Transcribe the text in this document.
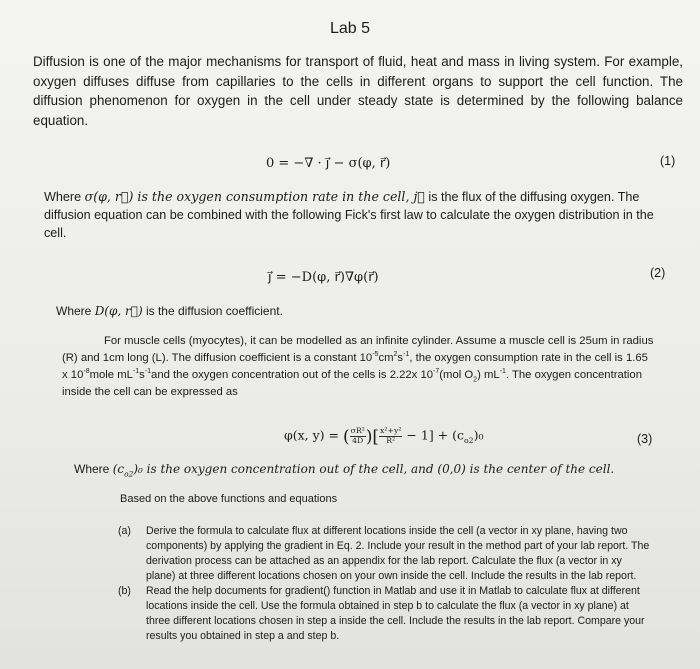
Lab 5

Diffusion is one of the major mechanisms for transport of fluid, heat and mass in living system. For example, oxygen diffuses diffuse from capillaries to the cells in different organs to support the cell function. The diffusion phenomenon for oxygen in the cell under steady state is determined by the following balance equation.

0 = −∇ · j⃗ − σ(φ, r⃗)	(1)

Where σ(φ, r⃗) is the oxygen consumption rate in the cell, j⃗ is the flux of the diffusing oxygen. The diffusion equation can be combined with the following Fick's first law to calculate the oxygen distribution in the cell.

j⃗ = −D(φ, r⃗)∇φ(r⃗)	(2)

Where D(φ, r⃗) is the diffusion coefficient.

For muscle cells (myocytes), it can be modelled as an infinite cylinder. Assume a muscle cell is 25um in radius (R) and 1cm long (L). The diffusion coefficient is a constant $10^{-5}cm^2s^{-1}$, the oxygen consumption rate in the cell is 1.65 x $10^{-8}mole$ $mL^{-1}s^{-1}and$ the oxygen concentration out of the cells is 2.22x $10^{-7}(mol$ $O_2$) $mL^{-1}$. The oxygen concentration inside the cell can be expressed as

φ(x, y) = ( $\frac{\text{σR²}}{4D}$ )[ $\frac{\text{x²+y²}}{\text{R²}} - 1] + (c_{o2})_0$	(3)

Where $(c_{o2})_0$ is the oxygen concentration out of the cell, and (0,0) is the center of the cell.

Based on the above functions and equations

(a) Derive the formula to calculate flux at different locations inside the cell (a vector in xy plane, having two components) by applying the gradient in Eq. 2. Include your result in the method part of your lab report. The derivation process can be attached as an appendix for the lab report. Calculate the flux (a vector in xy plane) at three different locations chosen on your own inside the cell. Include the results in the lab report.
(b) Read the help documents for gradient() function in Matlab and use it in Matlab to calculate flux at different locations inside the cell. Use the formula obtained in step b to calculate the flux (a vector in xy plane) at three different locations chosen in step a inside the cell. Include the results in the lab report. Compare your results you obtained in step a and step b.
